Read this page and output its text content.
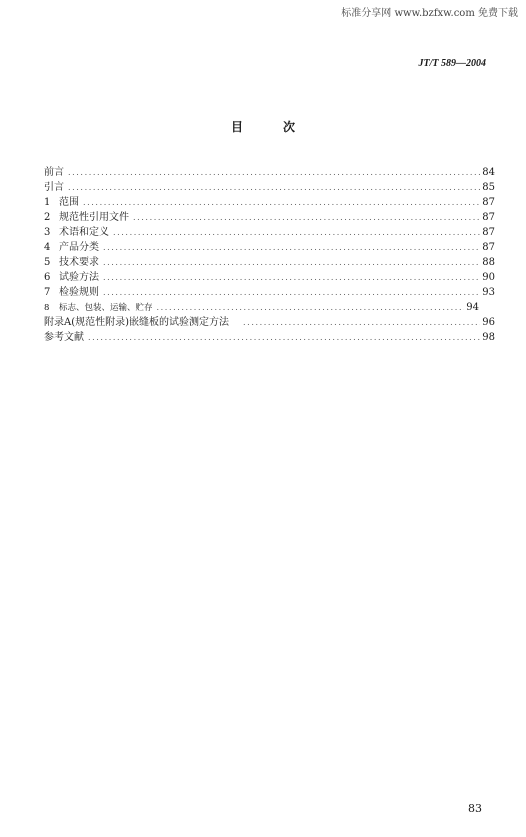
标准分享网 www.bzfxw.com 免费下载
JT/T 589—2004
目次
前言 .....	84
引言 .....	85
1 范围 .....	87
2 规范性引用文件 .....	87
3 术语和定义 .....	87
4 产品分类 .....	87
5 技术要求 .....	88
6 试验方法 .....	90
7 检验规则 .....	93
8	标志、包装、运输、贮存 .....	94
附录A(规范性附录)嵌缝板的试验测定方法 .....	96
参考文献 .....	98
83
